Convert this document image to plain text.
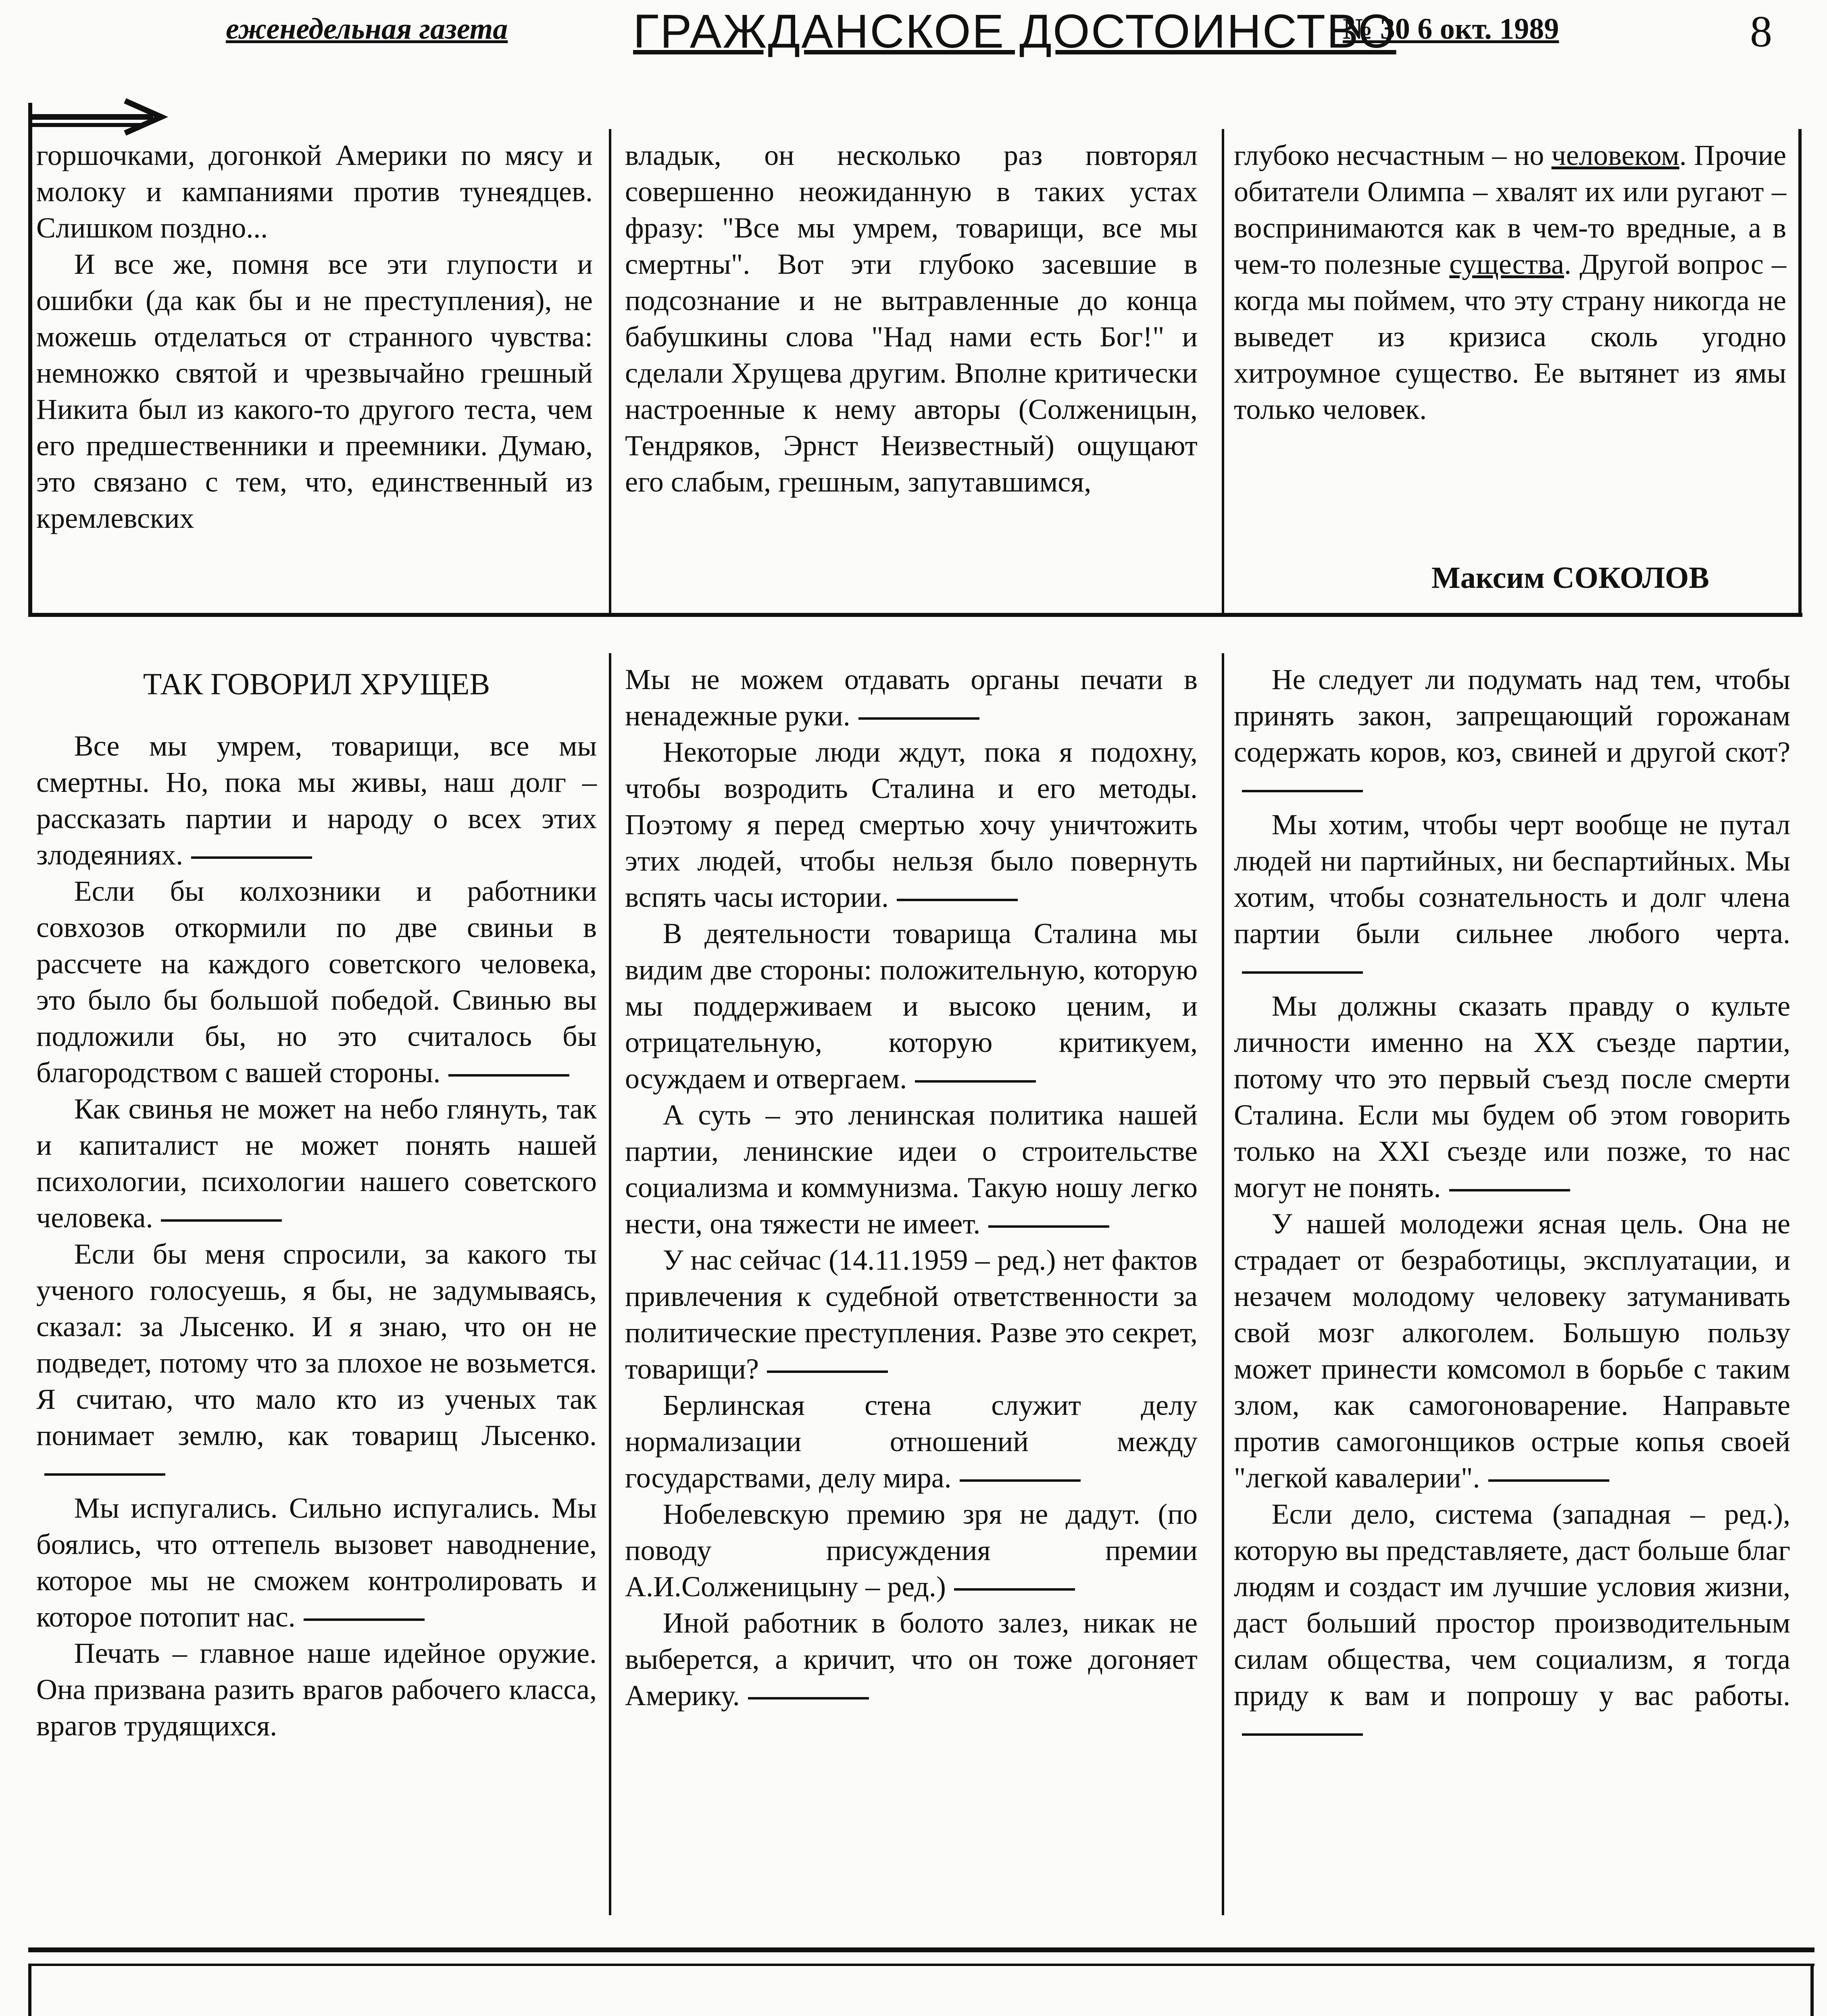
еженедельная газета	ГРАЖДАНСКОЕ ДОСТОИНСТВО
№ 30 6 окт. 1989	8

горшочками, догонкой Америки по мясу и молоку и кампаниями против тунеядцев. Слишком поздно...

И все же, помня все эти глупости и ошибки (да как бы и не преступления), не можешь отделаться от странного чувства: немножко святой и чрезвычайно грешный Никита был из какого-то другого теста, чем его предшественники и преемники. Думаю, это связано с тем, что, единственный из кремлевских

владык, он несколько раз повторял совершенно неожиданную в таких устах фразу: "Все мы умрем, товарищи, все мы смертны". Вот эти глубоко засевшие в подсознание и не вытравленные до конца бабушкины слова "Над нами есть Бог!" и сделали Хрущева другим. Вполне критически настроенные к нему авторы (Солженицын, Тендряков, Эрнст Неизвестный) ощущают его слабым, грешным, запутавшимся,

глубоко несчастным – но человеком. Прочие обитатели Олимпа – хвалят их или ругают – воспринимаются как в чем-то вредные, а в чем-то полезные существа. Другой вопрос – когда мы поймем, что эту страну никогда не выведет из кризиса сколь угодно хитроумное существо. Ее вытянет из ямы только человек.

Максим СОКОЛОВ

ТАК ГОВОРИЛ ХРУЩЕВ

Все мы умрем, товарищи, все мы смертны. Но, пока мы живы, наш долг – рассказать партии и народу о всех этих злодеяниях.

Если бы колхозники и работники совхозов откормили по две свиньи в рассчете на каждого советского человека, это было бы большой победой. Свинью вы подложили бы, но это считалось бы благородством с вашей стороны.

Как свинья не может на небо глянуть, так и капиталист не может понять нашей психологии, психологии нашего советского человека.

Если бы меня спросили, за какого ты ученого голосуешь, я бы, не задумываясь, сказал: за Лысенко. И я знаю, что он не подведет, потому что за плохое не возьмется. Я считаю, что мало кто из ученых так понимает землю, как товарищ Лысенко.

Мы испугались. Сильно испугались. Мы боялись, что оттепель вызовет наводнение, которое мы не сможем контролировать и которое потопит нас.

Печать – главное наше идейное оружие. Она призвана разить врагов рабочего класса, врагов трудящихся.

Мы не можем отдавать органы печати в ненадежные руки.

Некоторые люди ждут, пока я подохну, чтобы возродить Сталина и его методы. Поэтому я перед смертью хочу уничтожить этих людей, чтобы нельзя было повернуть вспять часы истории.

В деятельности товарища Сталина мы видим две стороны: положительную, которую мы поддерживаем и высоко ценим, и отрицательную, которую критикуем, осуждаем и отвергаем.

А суть – это ленинская политика нашей партии, ленинские идеи о строительстве социализма и коммунизма. Такую ношу легко нести, она тяжести не имеет.

У нас сейчас (14.11.1959 – ред.) нет фактов привлечения к судебной ответственности за политические преступления. Разве это секрет, товарищи?

Берлинская стена служит делу нормализации отношений между государствами, делу мира.

Нобелевскую премию зря не дадут. (по поводу присуждения премии А.И.Солженицыну – ред.)

Иной работник в болото залез, никак не выберется, а кричит, что он тоже догоняет Америку.

Не следует ли подумать над тем, чтобы принять закон, запрещающий горожанам содержать коров, коз, свиней и другой скот?

Мы хотим, чтобы черт вообще не путал людей ни партийных, ни беспартийных. Мы хотим, чтобы сознательность и долг члена партии были сильнее любого черта.

Мы должны сказать правду о культе личности именно на XX съезде партии, потому что это первый съезд после смерти Сталина. Если мы будем об этом говорить только на XXI съезде или позже, то нас могут не понять.

У нашей молодежи ясная цель. Она не страдает от безработицы, эксплуатации, и незачем молодому человеку затуманивать свой мозг алкоголем. Большую пользу может принести комсомол в борьбе с таким злом, как самогоноварение. Направьте против самогонщиков острые копья своей "легкой кавалерии".

Если дело, система (западная – ред.), которую вы представляете, даст больше благ людям и создаст им лучшие условия жизни, даст больший простор производительным силам общества, чем социализм, я тогда приду к вам и попрошу у вас работы.
